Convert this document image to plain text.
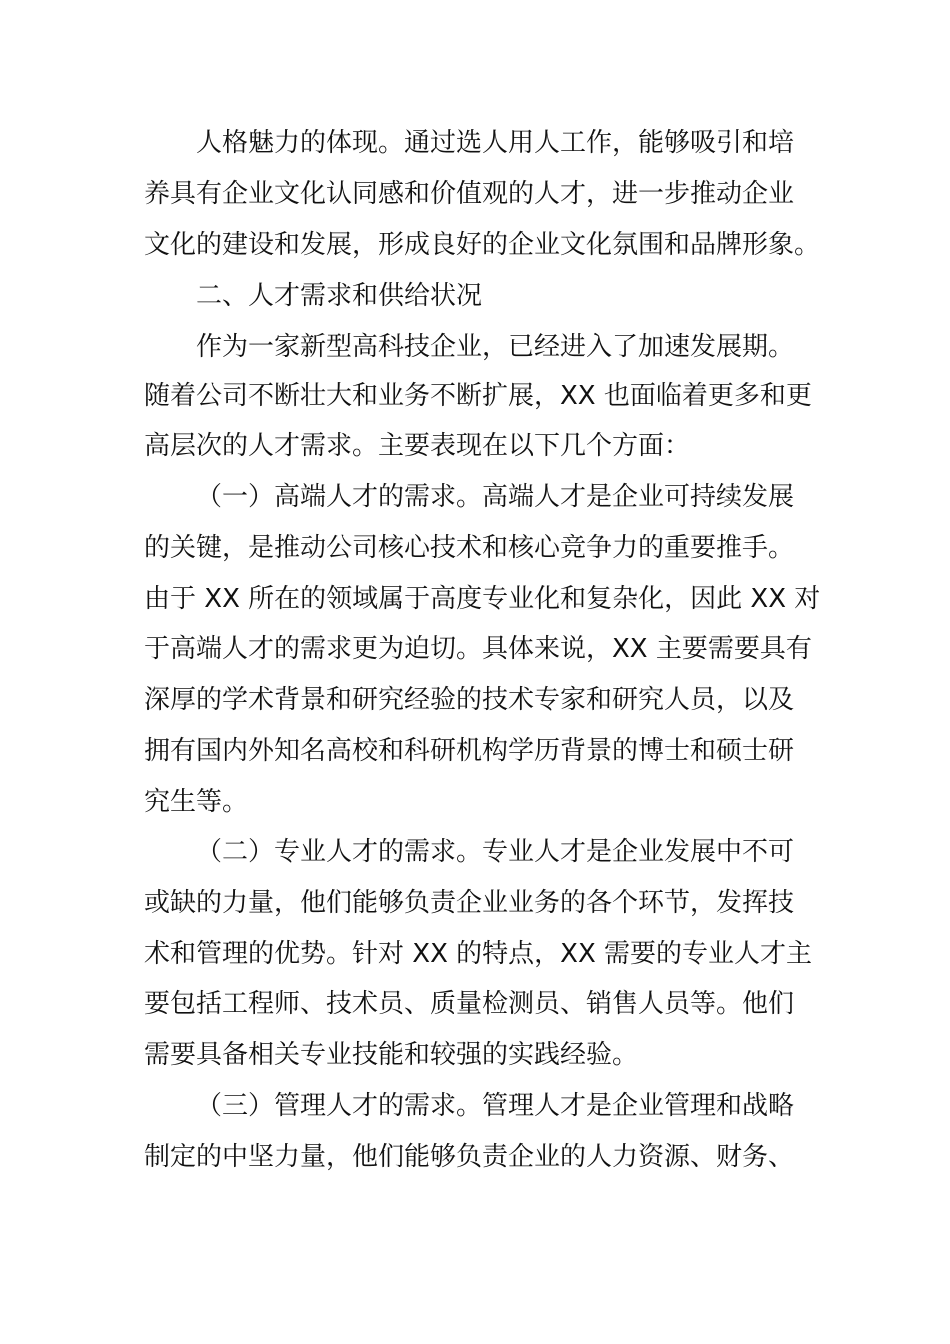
人格魅力的体现。通过选人用人工作，能够吸引和培
养具有企业文化认同感和价值观的人才，进一步推动企业
文化的建设和发展，形成良好的企业文化氛围和品牌形象。
二、人才需求和供给状况
作为一家新型高科技企业，已经进入了加速发展期。
随着公司不断壮大和业务不断扩展，XX 也面临着更多和更
高层次的人才需求。主要表现在以下几个方面：
（一）高端人才的需求。高端人才是企业可持续发展
的关键，是推动公司核心技术和核心竞争力的重要推手。
由于 XX 所在的领域属于高度专业化和复杂化，因此 XX 对
于高端人才的需求更为迫切。具体来说，XX 主要需要具有
深厚的学术背景和研究经验的技术专家和研究人员，以及
拥有国内外知名高校和科研机构学历背景的博士和硕士研
究生等。
（二）专业人才的需求。专业人才是企业发展中不可
或缺的力量，他们能够负责企业业务的各个环节，发挥技
术和管理的优势。针对 XX 的特点，XX 需要的专业人才主
要包括工程师、技术员、质量检测员、销售人员等。他们
需要具备相关专业技能和较强的实践经验。
（三）管理人才的需求。管理人才是企业管理和战略
制定的中坚力量，他们能够负责企业的人力资源、财务、
